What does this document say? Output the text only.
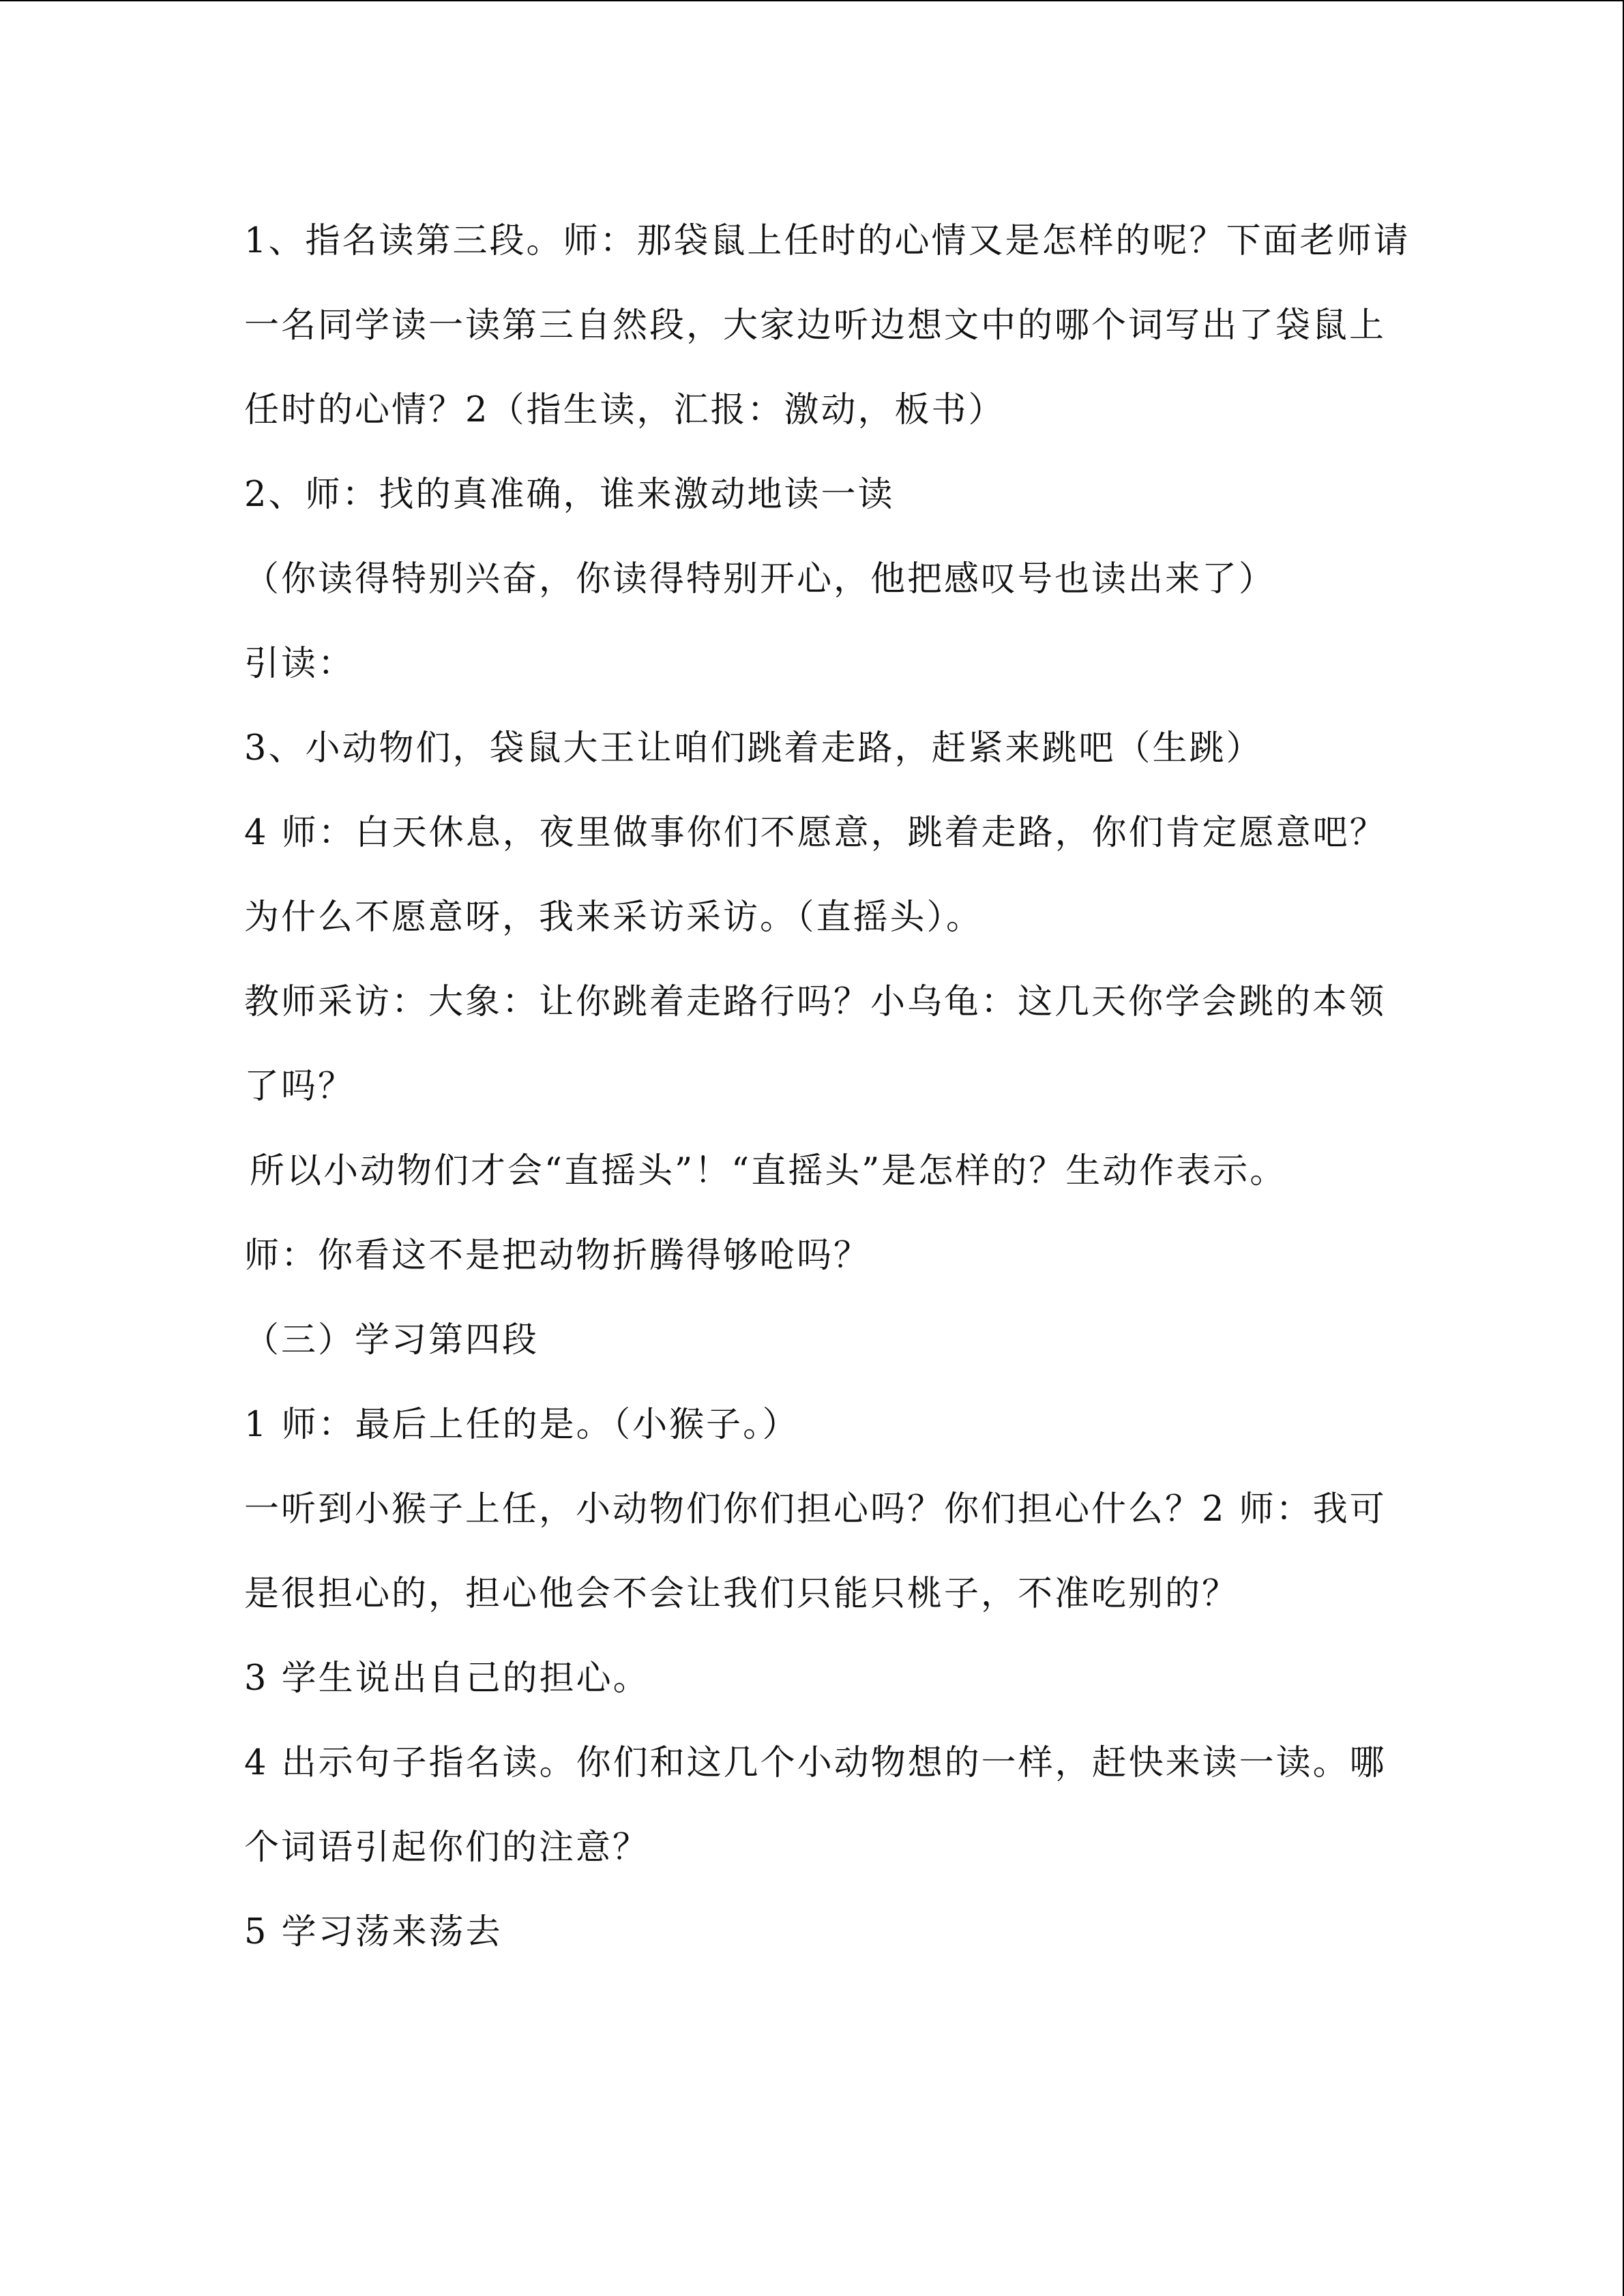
1、指名读第三段。师：那袋鼠上任时的心情又是怎样的呢？下面老师请一名同学读一读第三自然段，大家边听边想文中的哪个词写出了袋鼠上任时的心情？2（指生读，汇报：激动，板书）

2、师：找的真准确，谁来激动地读一读

（你读得特别兴奋，你读得特别开心，他把感叹号也读出来了）

引读：

3、小动物们，袋鼠大王让咱们跳着走路，赶紧来跳吧（生跳）

4 师：白天休息，夜里做事你们不愿意，跳着走路，你们肯定愿意吧？为什么不愿意呀，我来采访采访。（直摇头）。

教师采访：大象：让你跳着走路行吗？小乌龟：这几天你学会跳的本领了吗？

所以小动物们才会“直摇头”！“直摇头”是怎样的？生动作表示。

师：你看这不是把动物折腾得够呛吗？

（三）学习第四段

1 师：最后上任的是。（小猴子。）

一听到小猴子上任，小动物们你们担心吗？你们担心什么？2 师：我可是很担心的，担心他会不会让我们只能只桃子，不准吃别的？

3 学生说出自己的担心。

4 出示句子指名读。你们和这几个小动物想的一样，赶快来读一读。哪个词语引起你们的注意？

5 学习荡来荡去
